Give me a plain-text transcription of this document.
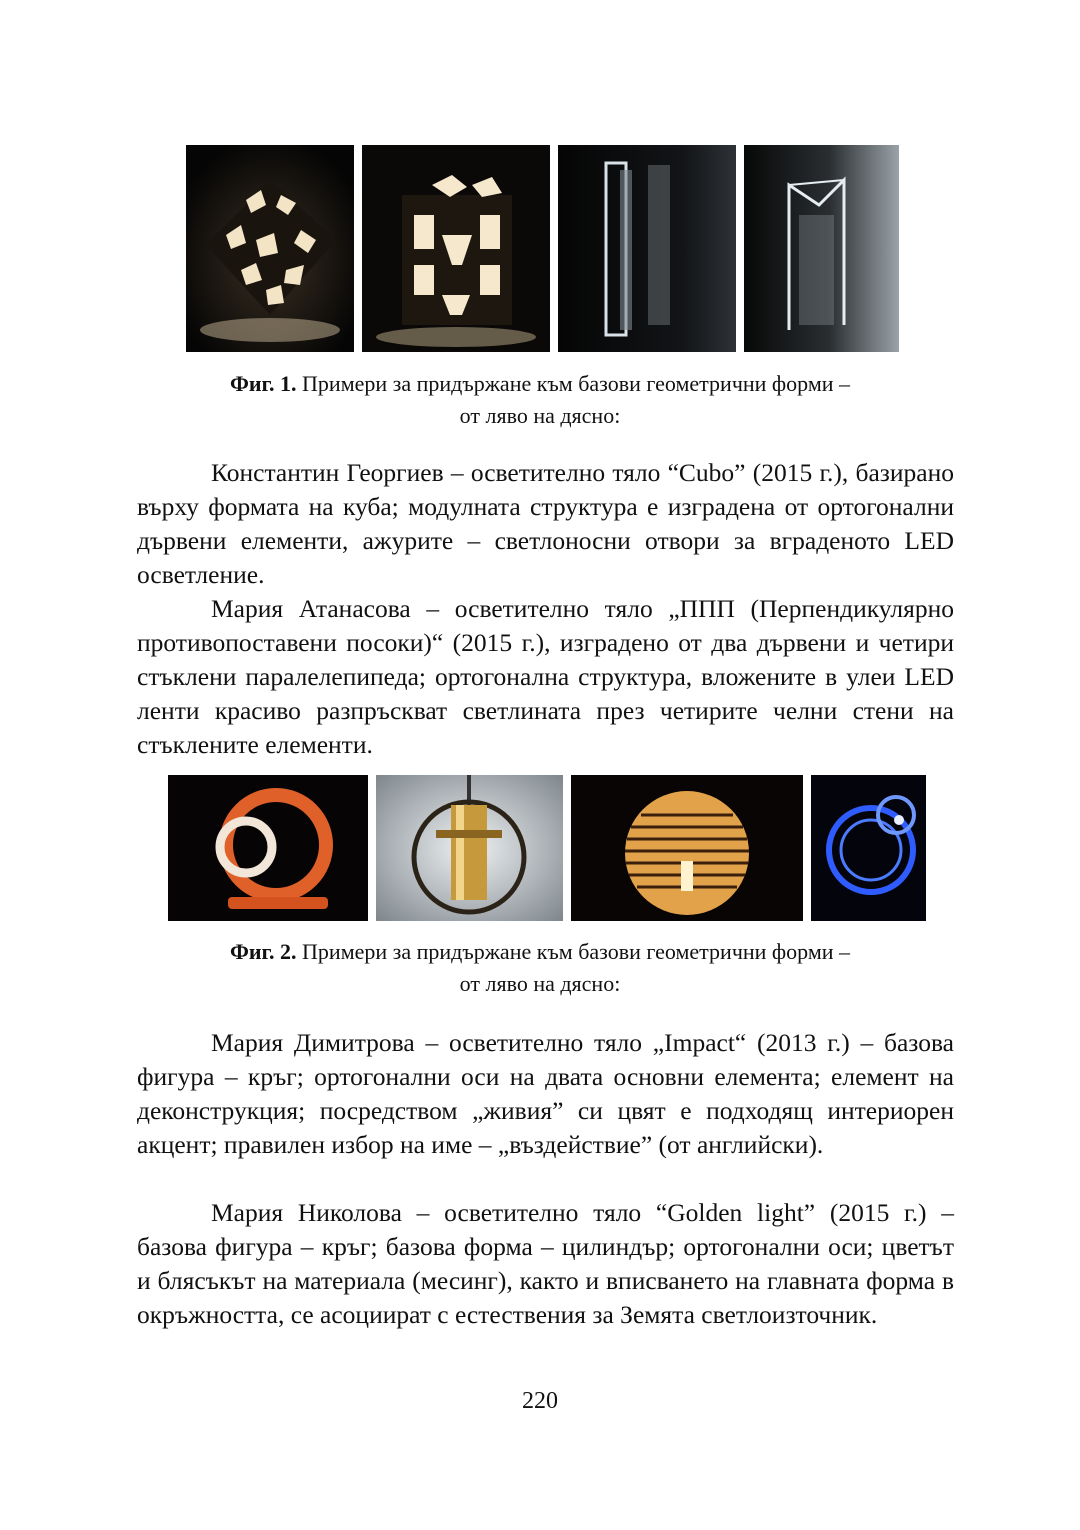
Фиг. 1. Примери за придържане към базови геометрични форми –
от ляво на дясно:

Константин Георгиев – осветително тяло “Cubo” (2015 г.), базирано върху формата на куба; модулната структура е изградена от ортогонални дървени елементи, ажурите – светлоносни отвори за вграденото LED осветление.

Мария Атанасова – осветително тяло „ППП (Перпендикулярно противопоставени посоки)“ (2015 г.), изградено от два дървени и четири стъклени паралелепипеда; ортогонална структура, вложените в улеи LED ленти красиво разпръскват светлината през четирите челни стени на стъклените елементи.

Фиг. 2. Примери за придържане към базови геометрични форми –
от ляво на дясно:

Мария Димитрова – осветително тяло „Impact“ (2013 г.) – базова фигура – кръг; ортогонални оси на двата основни елемента; елемент на деконструкция; посредством „живия” си цвят е подходящ интериорен акцент; правилен избор на име – „въздействие” (от английски).

Мария Николова – осветително тяло “Golden light” (2015 г.) – базова фигура – кръг; базова форма – цилиндър; ортогонални оси; цветът и блясъкът на материала (месинг), както и вписването на главната форма в окръжността, се асоциират с естествения за Земята светлоизточник.

220
